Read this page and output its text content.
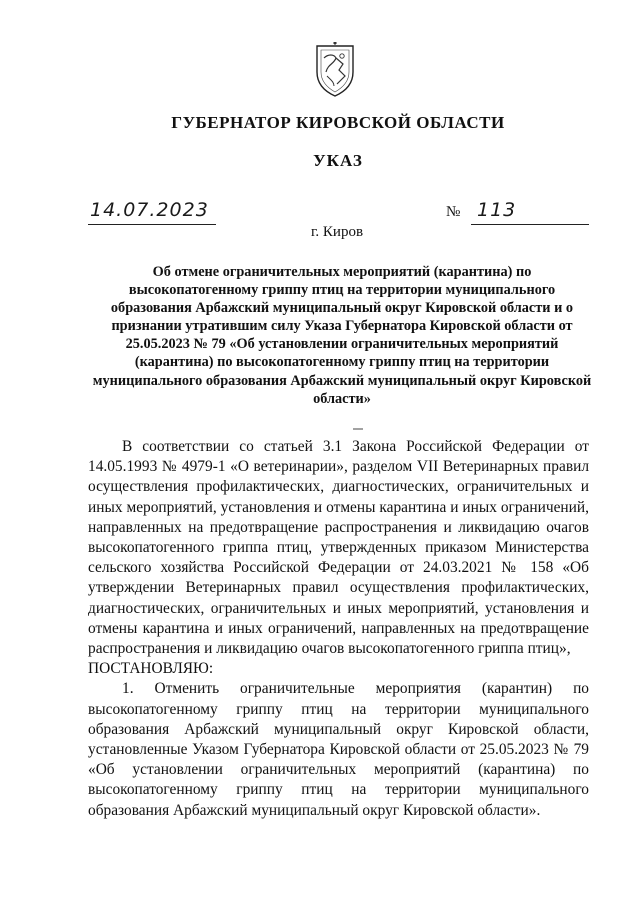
ГУБЕРНАТОР КИРОВСКОЙ ОБЛАСТИ
УКАЗ
14.07.2023	№ 113
г. Киров
Об отмене ограничительных мероприятий (карантина) по высокопатогенному гриппу птиц на территории муниципального образования Арбажский муниципальный округ Кировской области и о признании утратившим силу Указа Губернатора Кировской области от 25.05.2023 № 79 «Об установлении ограничительных мероприятий (карантина) по высокопатогенному гриппу птиц на территории муниципального образования Арбажский муниципальный округ Кировской области»

В соответствии со статьей 3.1 Закона Российской Федерации от 14.05.1993 № 4979-1 «О ветеринарии», разделом VII Ветеринарных правил осуществления профилактических, диагностических, ограничительных и иных мероприятий, установления и отмены карантина и иных ограничений, направленных на предотвращение распространения и ликвидацию очагов высокопатогенного гриппа птиц, утвержденных приказом Министерства сельского хозяйства Российской Федерации от 24.03.2021 № 158 «Об утверждении Ветеринарных правил осуществления профилактических, диагностических, ограничительных и иных мероприятий, установления и отмены карантина и иных ограничений, направленных на предотвращение распространения и ликвидацию очагов высокопатогенного гриппа птиц»,

ПОСТАНОВЛЯЮ:

1. Отменить ограничительные мероприятия (карантин) по высокопатогенному гриппу птиц на территории муниципального образования Арбажский муниципальный округ Кировской области, установленные Указом Губернатора Кировской области от 25.05.2023 № 79 «Об установлении ограничительных мероприятий (карантина) по высокопатогенному гриппу птиц на территории муниципального образования Арбажский муниципальный округ Кировской области».
